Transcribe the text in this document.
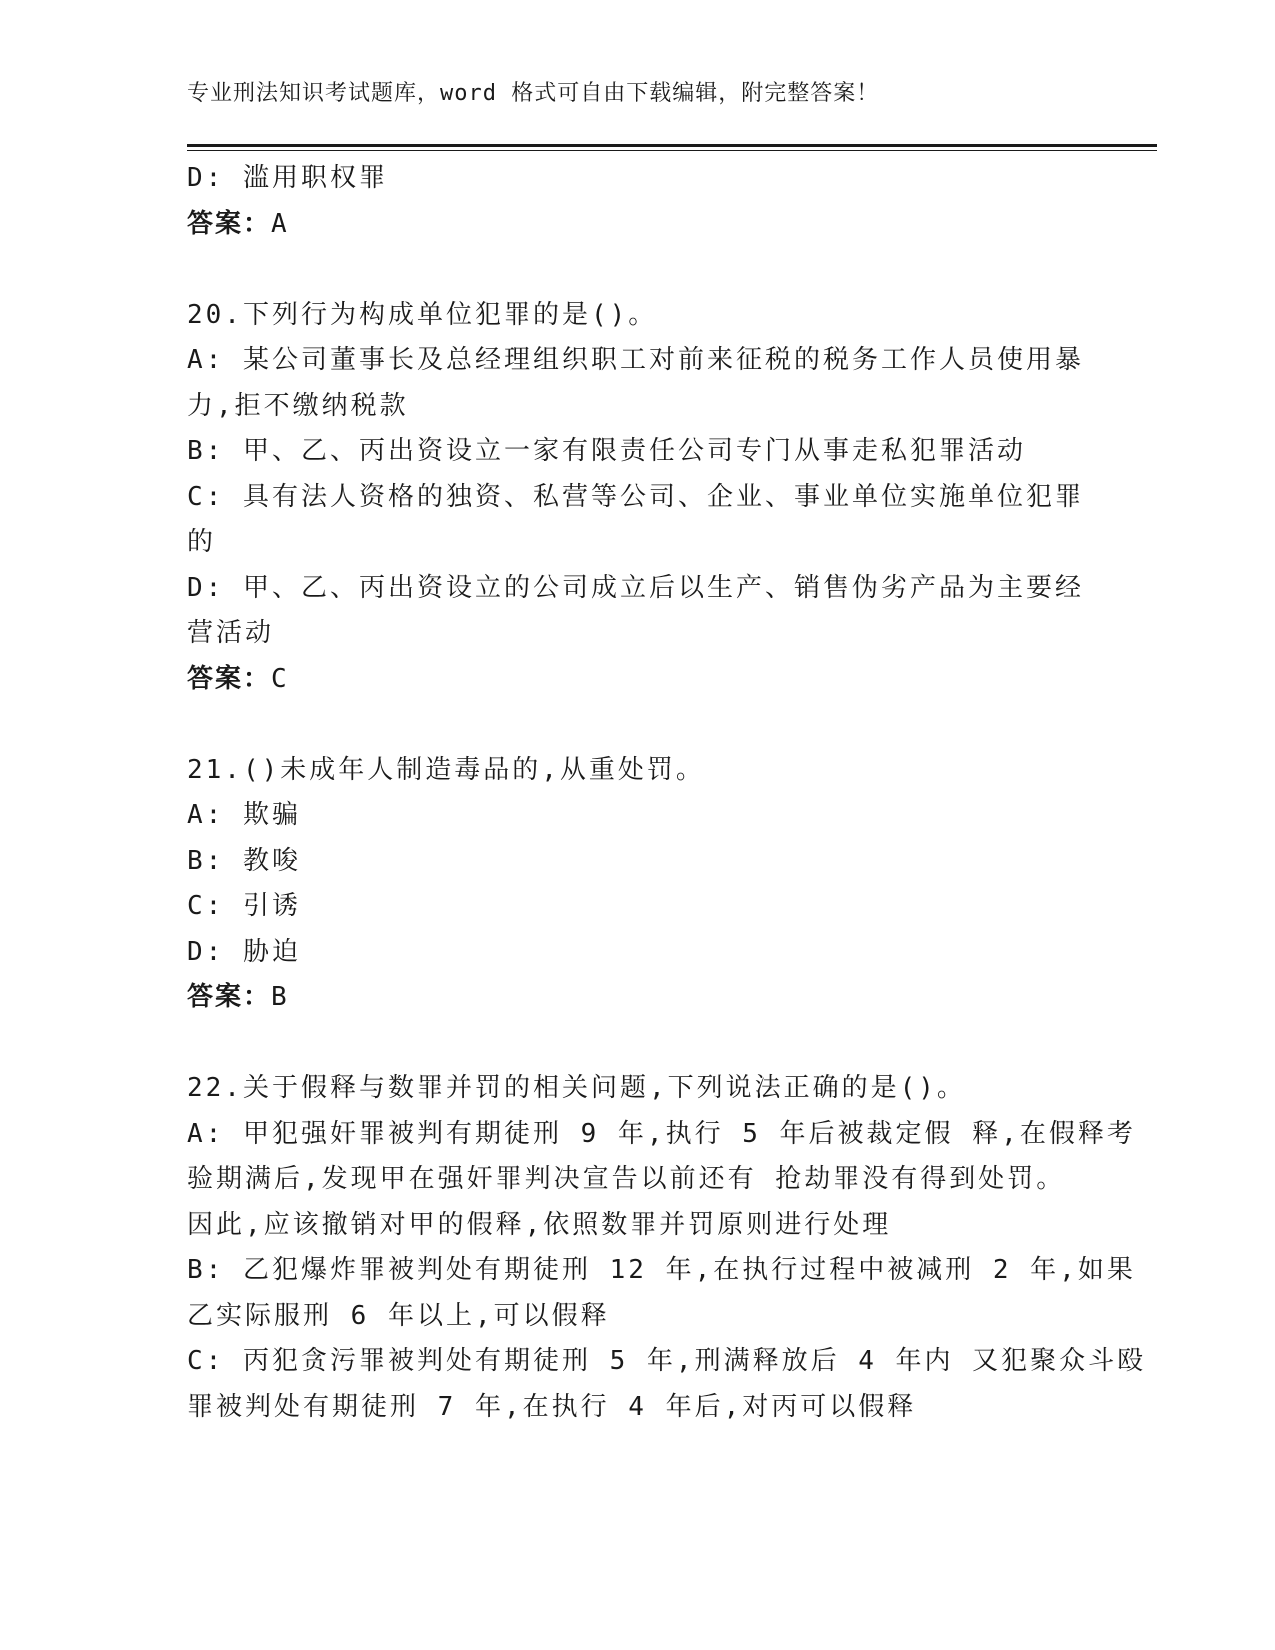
专业刑法知识考试题库，word 格式可自由下载编辑，附完整答案！
D: 滥用职权罪
答案：A
20.下列行为构成单位犯罪的是()。
A: 某公司董事长及总经理组织职工对前来征税的税务工作人员使用暴
力,拒不缴纳税款
B: 甲、乙、丙出资设立一家有限责任公司专门从事走私犯罪活动
C: 具有法人资格的独资、私营等公司、企业、事业单位实施单位犯罪
的
D: 甲、乙、丙出资设立的公司成立后以生产、销售伪劣产品为主要经
营活动
答案：C
21.()未成年人制造毒品的,从重处罚。
A: 欺骗
B: 教唆
C: 引诱
D: 胁迫
答案：B
22.关于假释与数罪并罚的相关问题,下列说法正确的是()。
A: 甲犯强奸罪被判有期徒刑 9 年,执行 5 年后被裁定假 释,在假释考
验期满后,发现甲在强奸罪判决宣告以前还有 抢劫罪没有得到处罚。
因此,应该撤销对甲的假释,依照数罪并罚原则进行处理
B: 乙犯爆炸罪被判处有期徒刑 12 年,在执行过程中被减刑 2 年,如果
乙实际服刑 6 年以上,可以假释
C: 丙犯贪污罪被判处有期徒刑 5 年,刑满释放后 4 年内 又犯聚众斗殴
罪被判处有期徒刑 7 年,在执行 4 年后,对丙可以假释
